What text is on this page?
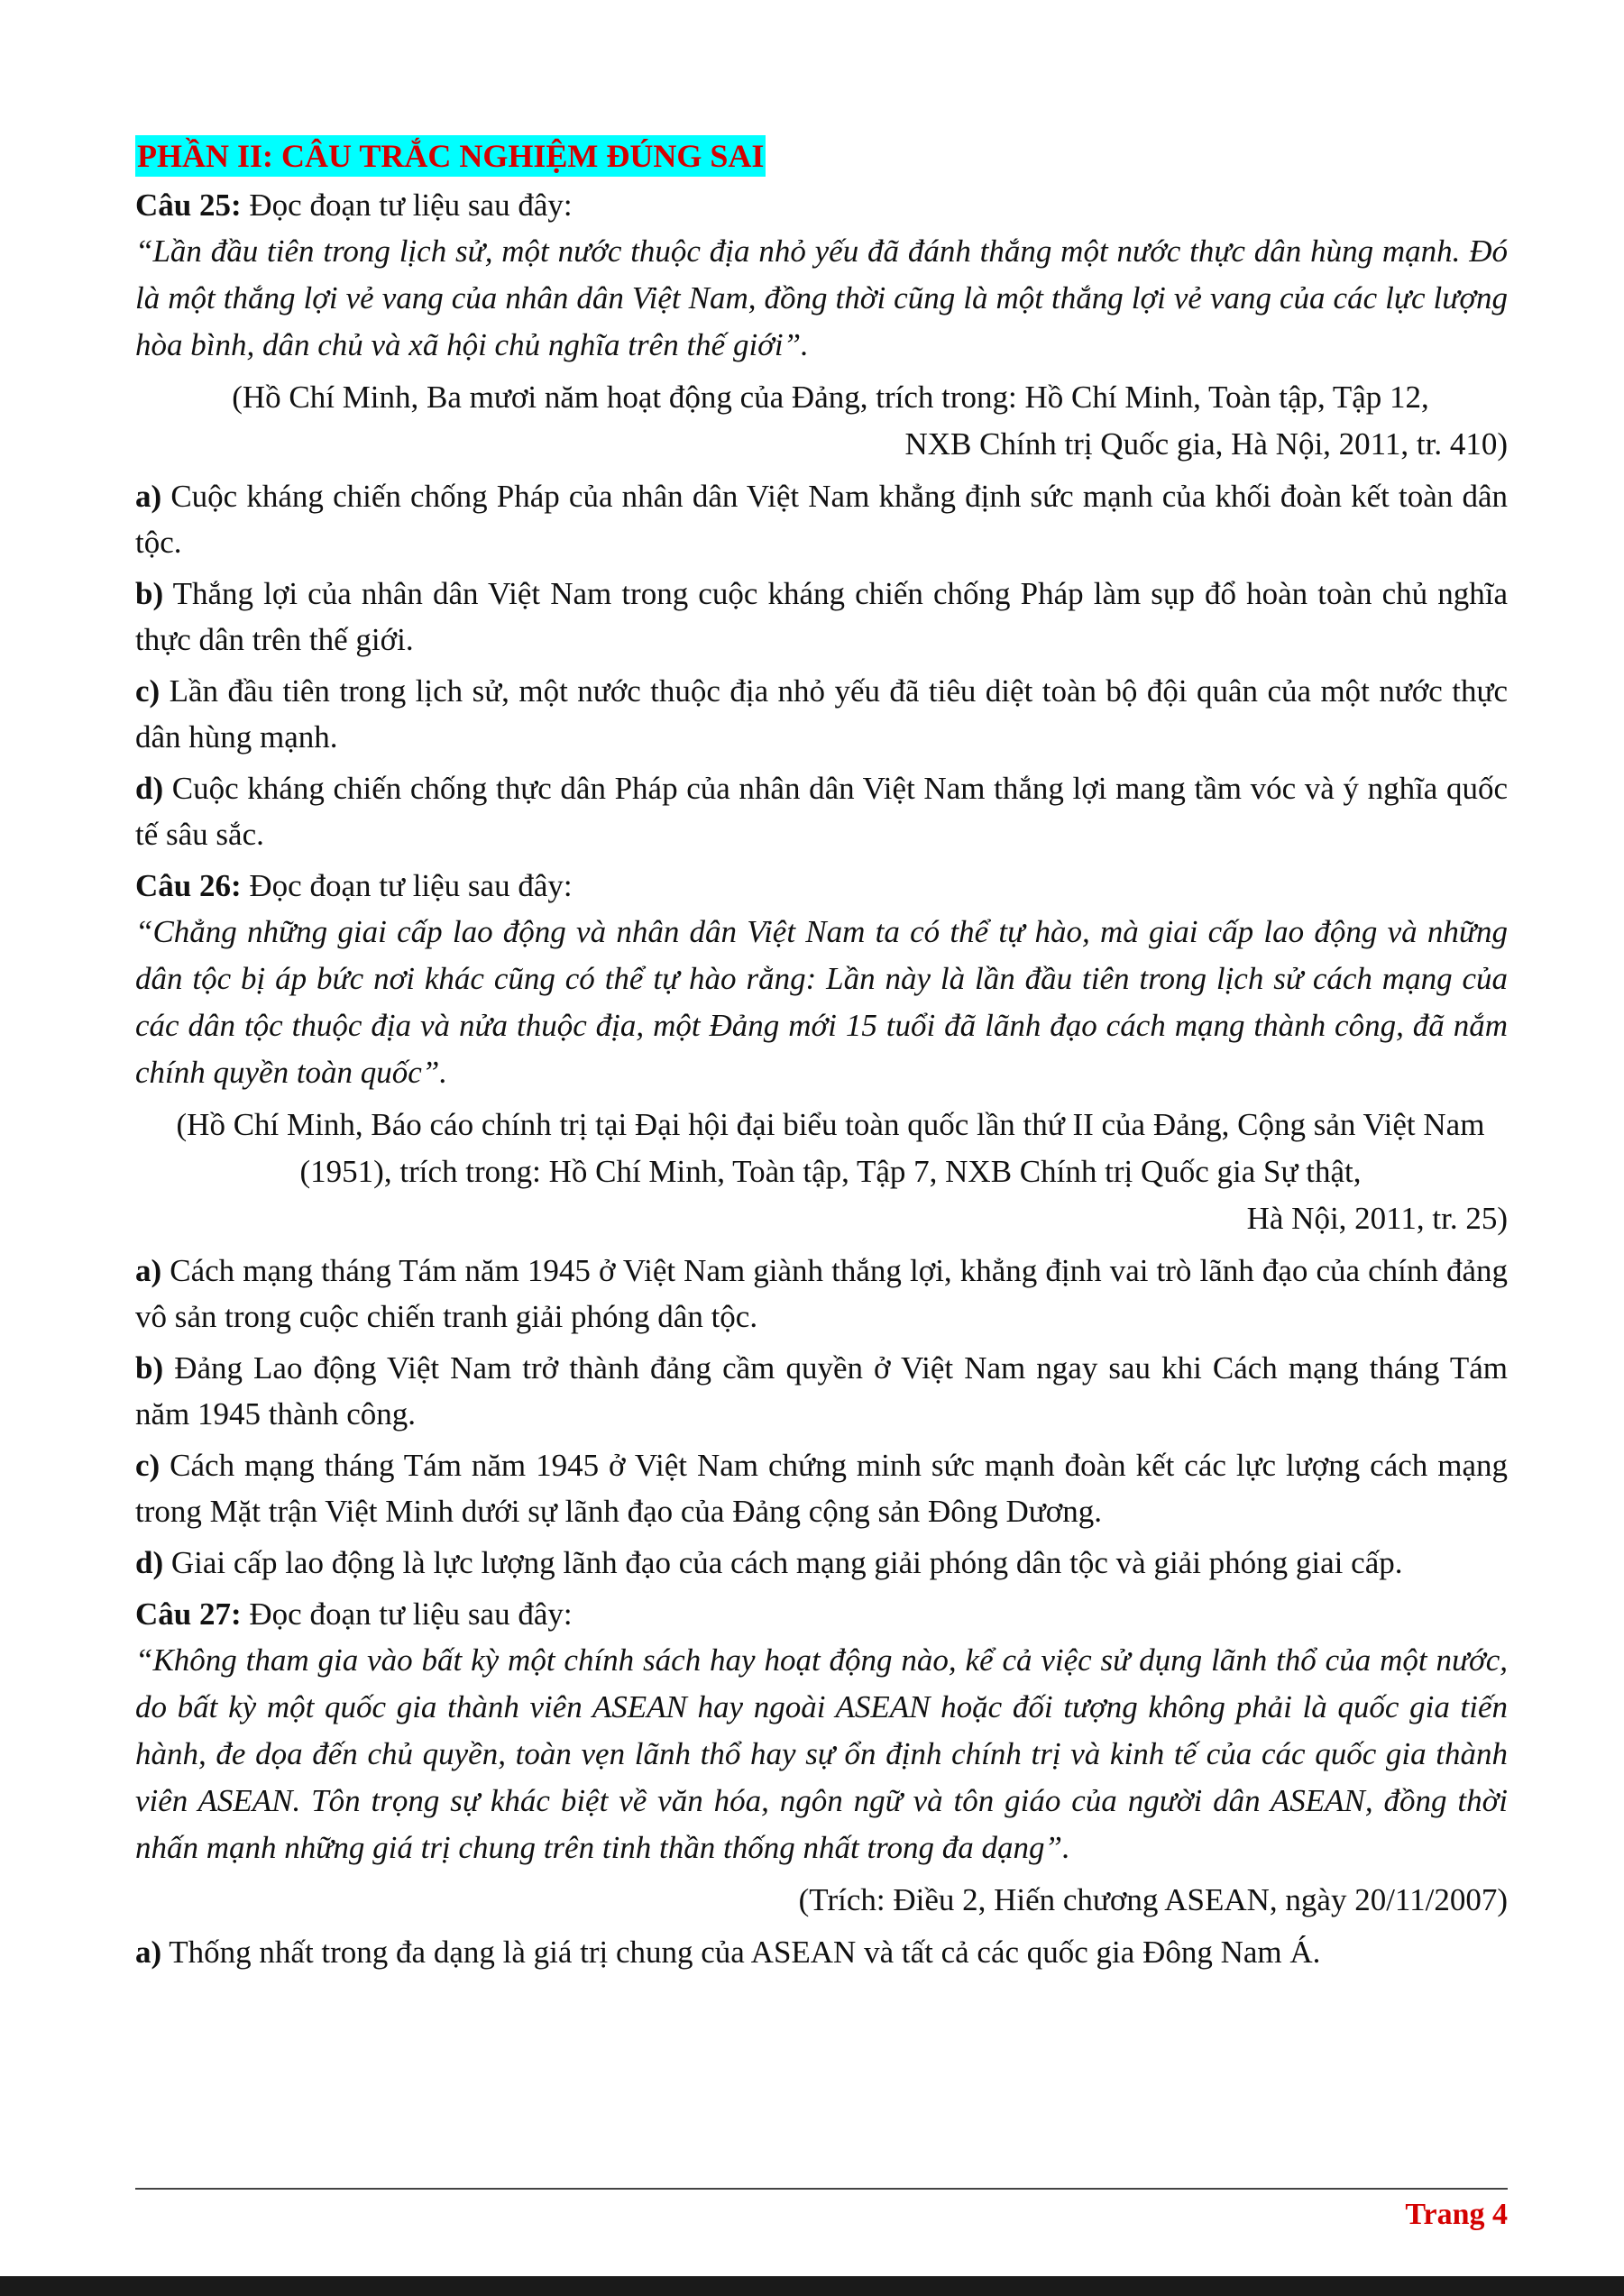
PHẦN II: CÂU TRẮC NGHIỆM ĐÚNG SAI

Câu 25: Đọc đoạn tư liệu sau đây:

“Lần đầu tiên trong lịch sử, một nước thuộc địa nhỏ yếu đã đánh thắng một nước thực dân hùng mạnh. Đó là một thắng lợi vẻ vang của nhân dân Việt Nam, đồng thời cũng là một thắng lợi vẻ vang của các lực lượng hòa bình, dân chủ và xã hội chủ nghĩa trên thế giới”.

(Hồ Chí Minh, Ba mươi năm hoạt động của Đảng, trích trong: Hồ Chí Minh, Toàn tập, Tập 12,
NXB Chính trị Quốc gia, Hà Nội, 2011, tr. 410)

a) Cuộc kháng chiến chống Pháp của nhân dân Việt Nam khẳng định sức mạnh của khối đoàn kết toàn dân tộc.

b) Thắng lợi của nhân dân Việt Nam trong cuộc kháng chiến chống Pháp làm sụp đổ hoàn toàn chủ nghĩa thực dân trên thế giới.

c) Lần đầu tiên trong lịch sử, một nước thuộc địa nhỏ yếu đã tiêu diệt toàn bộ đội quân của một nước thực dân hùng mạnh.

d) Cuộc kháng chiến chống thực dân Pháp của nhân dân Việt Nam thắng lợi mang tầm vóc và ý nghĩa quốc tế sâu sắc.

Câu 26: Đọc đoạn tư liệu sau đây:

“Chẳng những giai cấp lao động và nhân dân Việt Nam ta có thể tự hào, mà giai cấp lao động và những dân tộc bị áp bức nơi khác cũng có thể tự hào rằng: Lần này là lần đầu tiên trong lịch sử cách mạng của các dân tộc thuộc địa và nửa thuộc địa, một Đảng mới 15 tuổi đã lãnh đạo cách mạng thành công, đã nắm chính quyền toàn quốc”.

(Hồ Chí Minh, Báo cáo chính trị tại Đại hội đại biểu toàn quốc lần thứ II của Đảng, Cộng sản Việt Nam (1951), trích trong: Hồ Chí Minh, Toàn tập, Tập 7, NXB Chính trị Quốc gia Sự thật,
Hà Nội, 2011, tr. 25)

a) Cách mạng tháng Tám năm 1945 ở Việt Nam giành thắng lợi, khẳng định vai trò lãnh đạo của chính đảng vô sản trong cuộc chiến tranh giải phóng dân tộc.

b) Đảng Lao động Việt Nam trở thành đảng cầm quyền ở Việt Nam ngay sau khi Cách mạng tháng Tám năm 1945 thành công.

c) Cách mạng tháng Tám năm 1945 ở Việt Nam chứng minh sức mạnh đoàn kết các lực lượng cách mạng trong Mặt trận Việt Minh dưới sự lãnh đạo của Đảng cộng sản Đông Dương.

d) Giai cấp lao động là lực lượng lãnh đạo của cách mạng giải phóng dân tộc và giải phóng giai cấp.

Câu 27: Đọc đoạn tư liệu sau đây:

“Không tham gia vào bất kỳ một chính sách hay hoạt động nào, kể cả việc sử dụng lãnh thổ của một nước, do bất kỳ một quốc gia thành viên ASEAN hay ngoài ASEAN hoặc đối tượng không phải là quốc gia tiến hành, đe dọa đến chủ quyền, toàn vẹn lãnh thổ hay sự ổn định chính trị và kinh tế của các quốc gia thành viên ASEAN. Tôn trọng sự khác biệt về văn hóa, ngôn ngữ và tôn giáo của người dân ASEAN, đồng thời nhấn mạnh những giá trị chung trên tinh thần thống nhất trong đa dạng”.

(Trích: Điều 2, Hiến chương ASEAN, ngày 20/11/2007)

a) Thống nhất trong đa dạng là giá trị chung của ASEAN và tất cả các quốc gia Đông Nam Á.

Trang 4
